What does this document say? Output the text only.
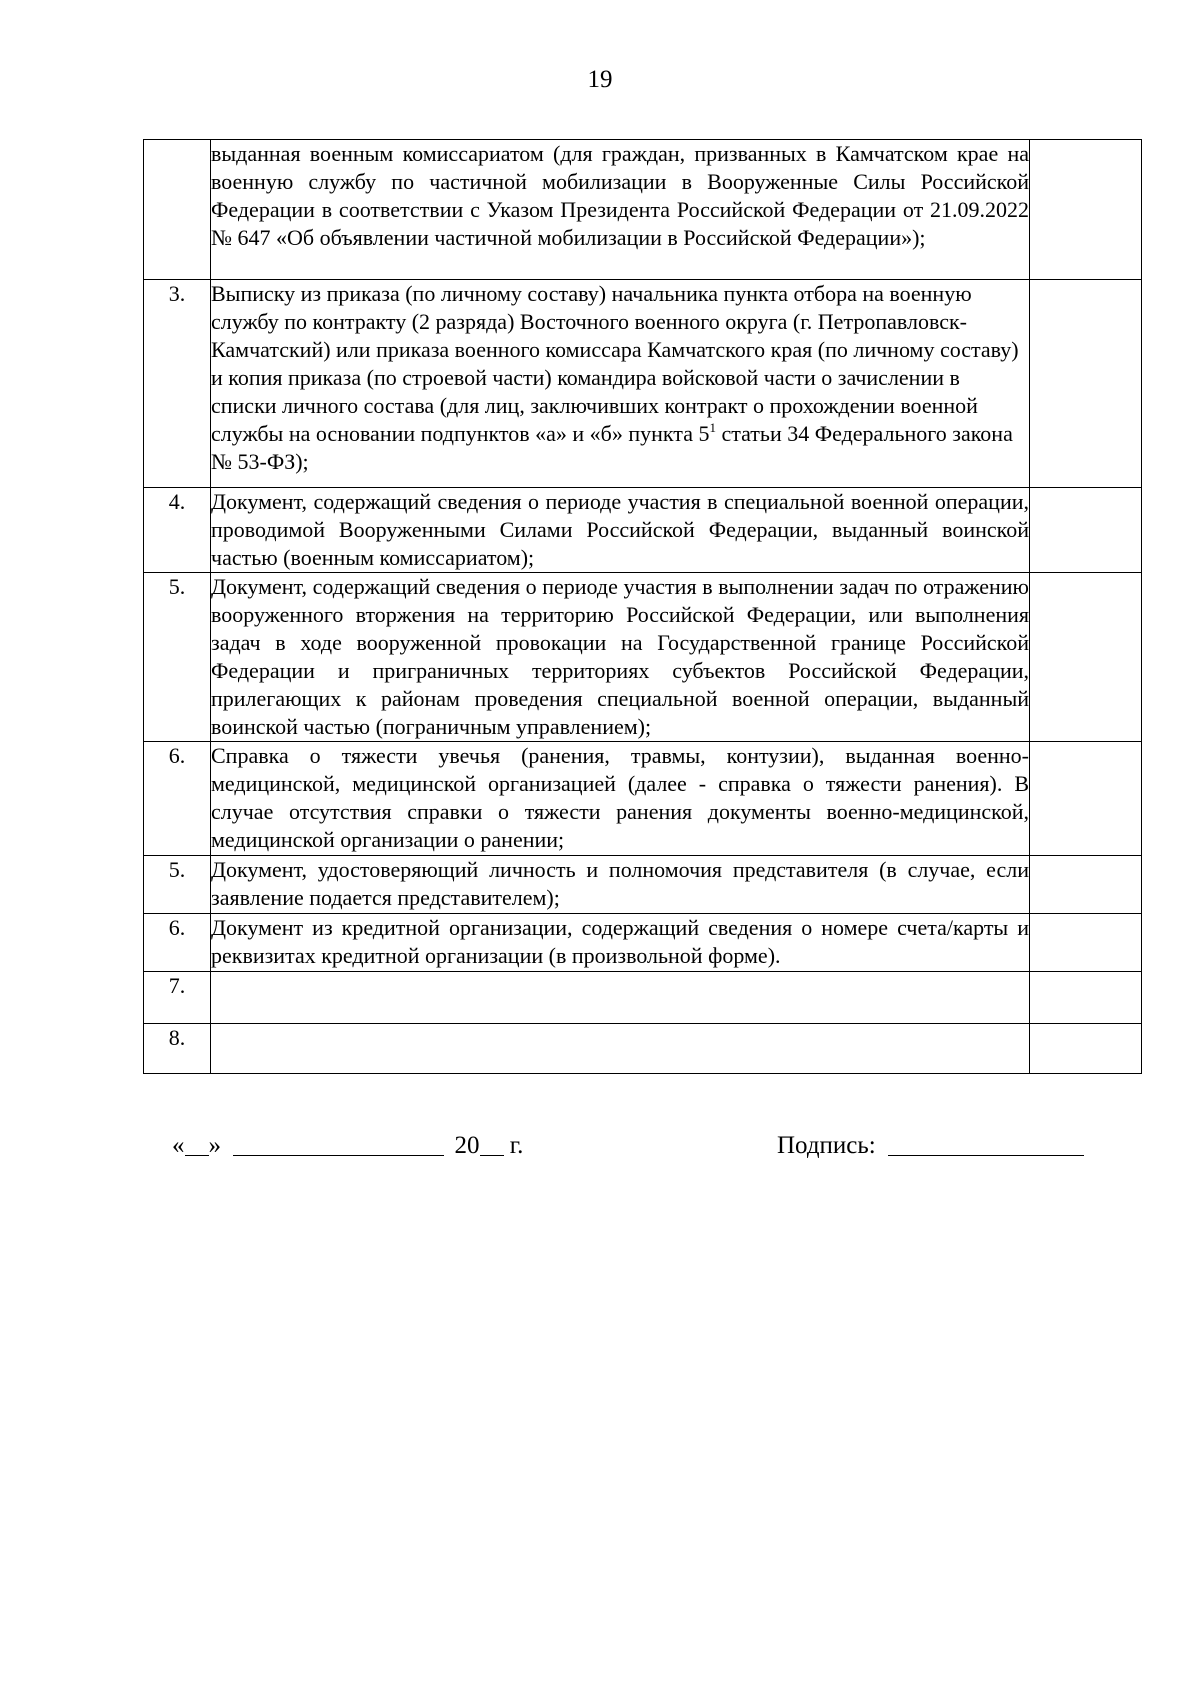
19
	выданная военным комиссариатом (для граждан, призванных в Камчатском крае на военную службу по частичной мобилизации в Вооруженные Силы Российской Федерации в соответствии с Указом Президента Российской Федерации от 21.09.2022 № 647 «Об объявлении частичной мобилизации в Российской Федерации»);	
3.	Выписку из приказа (по личному составу) начальника пункта отбора на военную службу по контракту (2 разряда) Восточного военного округа (г. Петропавловск-Камчатский) или приказа военного комиссара Камчатского края (по личному составу) и копия приказа (по строевой части) командира войсковой части о зачислении в списки личного состава (для лиц, заключивших контракт о прохождении военной службы на основании подпунктов «а» и «б» пункта $5^1$ статьи 34 Федерального закона № 53-ФЗ);	
4.	Документ, содержащий сведения о периоде участия в специальной военной операции, проводимой Вооруженными Силами Российской Федерации, выданный воинской частью (военным комиссариатом);	
5.	Документ, содержащий сведения о периоде участия в выполнении задач по отражению вооруженного вторжения на территорию Российской Федерации, или выполнения задач в ходе вооруженной провокации на Государственной границе Российской Федерации и приграничных территориях субъектов Российской Федерации, прилегающих к районам проведения специальной военной операции, выданный воинской частью (пограничным управлением);	
6.	Справка о тяжести увечья (ранения, травмы, контузии), выданная военно-медицинской, медицинской организацией (далее - справка о тяжести ранения). В случае отсутствия справки о тяжести ранения документы военно-медицинской, медицинской организации о ранении;	
5.	Документ, удостоверяющий личность и полномочия представителя (в случае, если заявление подается представителем);	
6.	Документ из кредитной организации, содержащий сведения о номере счета/карты и реквизитах кредитной организации (в произвольной форме).	
7.		
8.		
« »	20 г.	Подпись:
